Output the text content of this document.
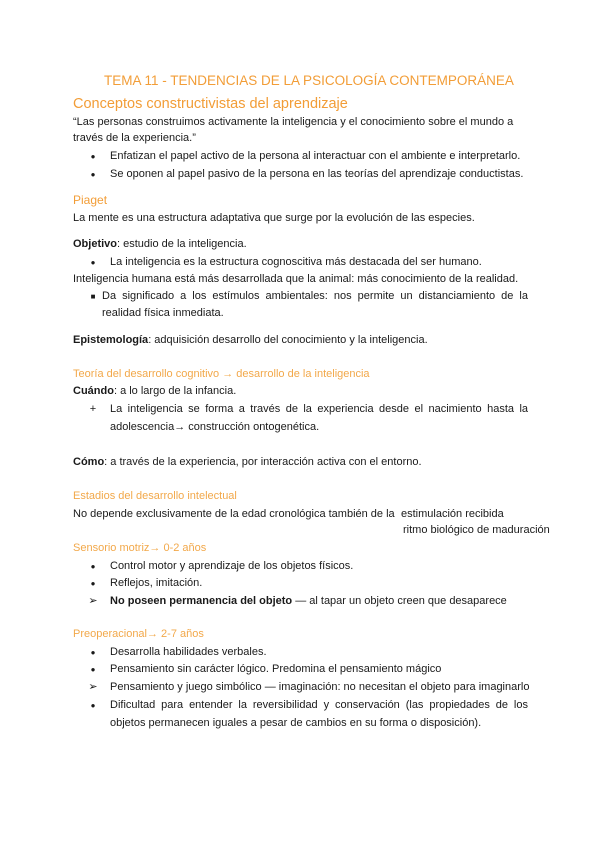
TEMA 11 - TENDENCIAS DE LA PSICOLOGÍA CONTEMPORÁNEA
Conceptos constructivistas del aprendizaje
“Las personas construimos activamente la inteligencia y el conocimiento sobre el mundo a
través de la experiencia.”
●	Enfatizan el papel activo de la persona al interactuar con el ambiente e interpretarlo.
●	Se oponen al papel pasivo de la persona en las teorías del aprendizaje conductistas.
Piaget
La mente es una estructura adaptativa que surge por la evolución de las especies.
Objetivo: estudio de la inteligencia.
●	La inteligencia es la estructura cognoscitiva más destacada del ser humano.
Inteligencia humana está más desarrollada que la animal: más conocimiento de la realidad.
■ Da significado a los estímulos ambientales: nos permite un distanciamiento de la
realidad física inmediata.
Epistemología: adquisición desarrollo del conocimiento y la inteligencia.
Teoría del desarrollo cognitivo → desarrollo de la inteligencia
Cuándo: a lo largo de la infancia.
+	La inteligencia se forma a través de la experiencia desde el nacimiento hasta la
adolescencia→ construcción ontogenética.
Cómo: a través de la experiencia, por interacción activa con el entorno.
Estadios del desarrollo intelectual
No depende exclusivamente de la edad cronológica también de la estimulación recibida
ritmo biológico de maduración
Sensorio motriz→ 0-2 años
●	Control motor y aprendizaje de los objetos físicos.
●	Reflejos, imitación.
➢ No poseen permanencia del objeto — al tapar un objeto creen que desaparece
Preoperacional→ 2-7 años
●	Desarrolla habilidades verbales.
●	Pensamiento sin carácter lógico. Predomina el pensamiento mágico
➢ Pensamiento y juego simbólico — imaginación: no necesitan el objeto para imaginarlo
●	Dificultad para entender la reversibilidad y conservación (las propiedades de los
objetos permanecen iguales a pesar de cambios en su forma o disposición).
